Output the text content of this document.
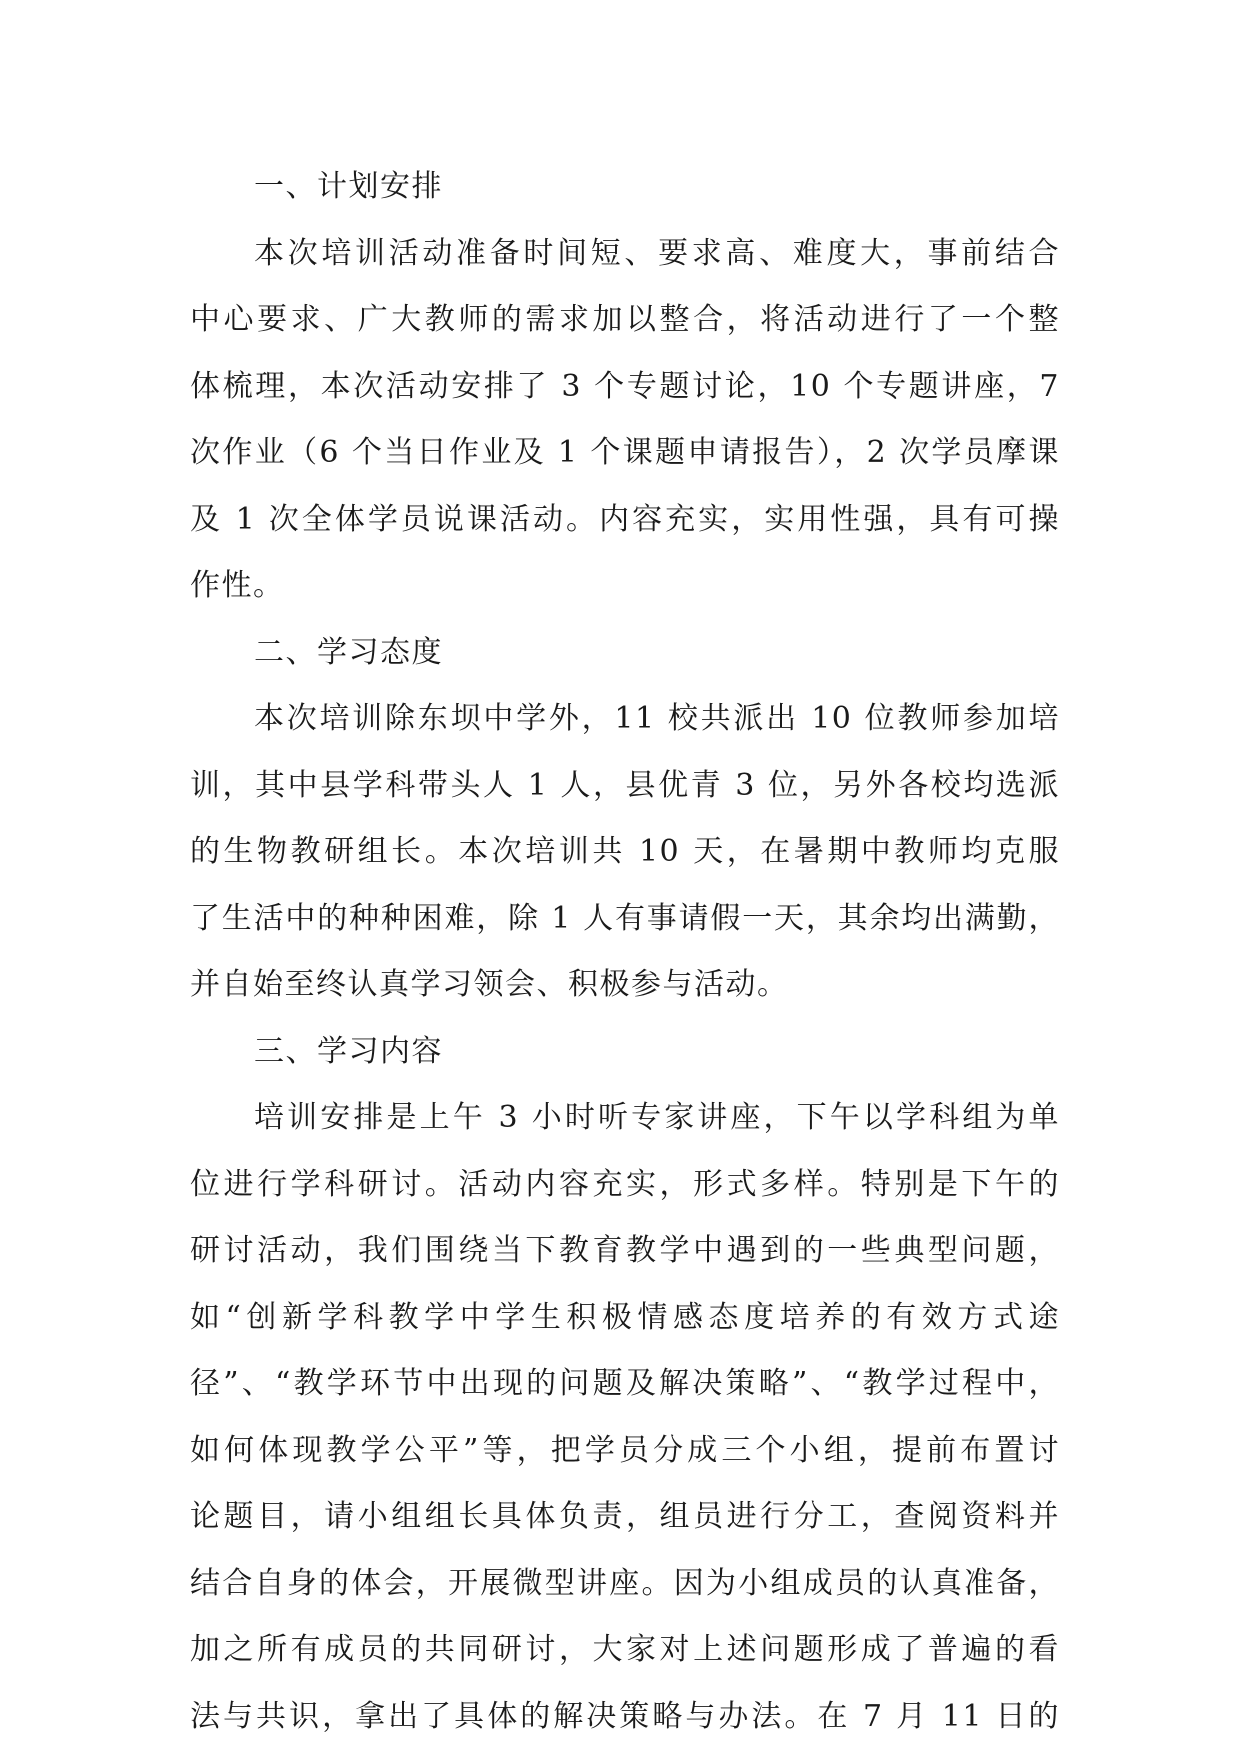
一、计划安排
本次培训活动准备时间短、要求高、难度大，事前结合
中心要求、广大教师的需求加以整合，将活动进行了一个整
体梳理，本次活动安排了 3 个专题讨论，10 个专题讲座，7
次作业（6 个当日作业及 1 个课题申请报告），2 次学员摩课
及 1 次全体学员说课活动。内容充实，实用性强，具有可操
作性。
二、学习态度
本次培训除东坝中学外，11 校共派出 10 位教师参加培
训，其中县学科带头人 1 人，县优青 3 位，另外各校均选派
的生物教研组长。本次培训共 10 天，在暑期中教师均克服
了生活中的种种困难，除 1 人有事请假一天，其余均出满勤，
并自始至终认真学习领会、积极参与活动。
三、学习内容
培训安排是上午 3 小时听专家讲座，下午以学科组为单
位进行学科研讨。活动内容充实，形式多样。特别是下午的
研讨活动，我们围绕当下教育教学中遇到的一些典型问题，
如“创新学科教学中学生积极情感态度培养的有效方式途
径”、“教学环节中出现的问题及解决策略”、“教学过程中，
如何体现教学公平”等，把学员分成三个小组，提前布置讨
论题目，请小组组长具体负责，组员进行分工，查阅资料并
结合自身的体会，开展微型讲座。因为小组成员的认真准备，
加之所有成员的共同研讨，大家对上述问题形成了普遍的看
法与共识，拿出了具体的解决策略与办法。在 7 月 11 日的
